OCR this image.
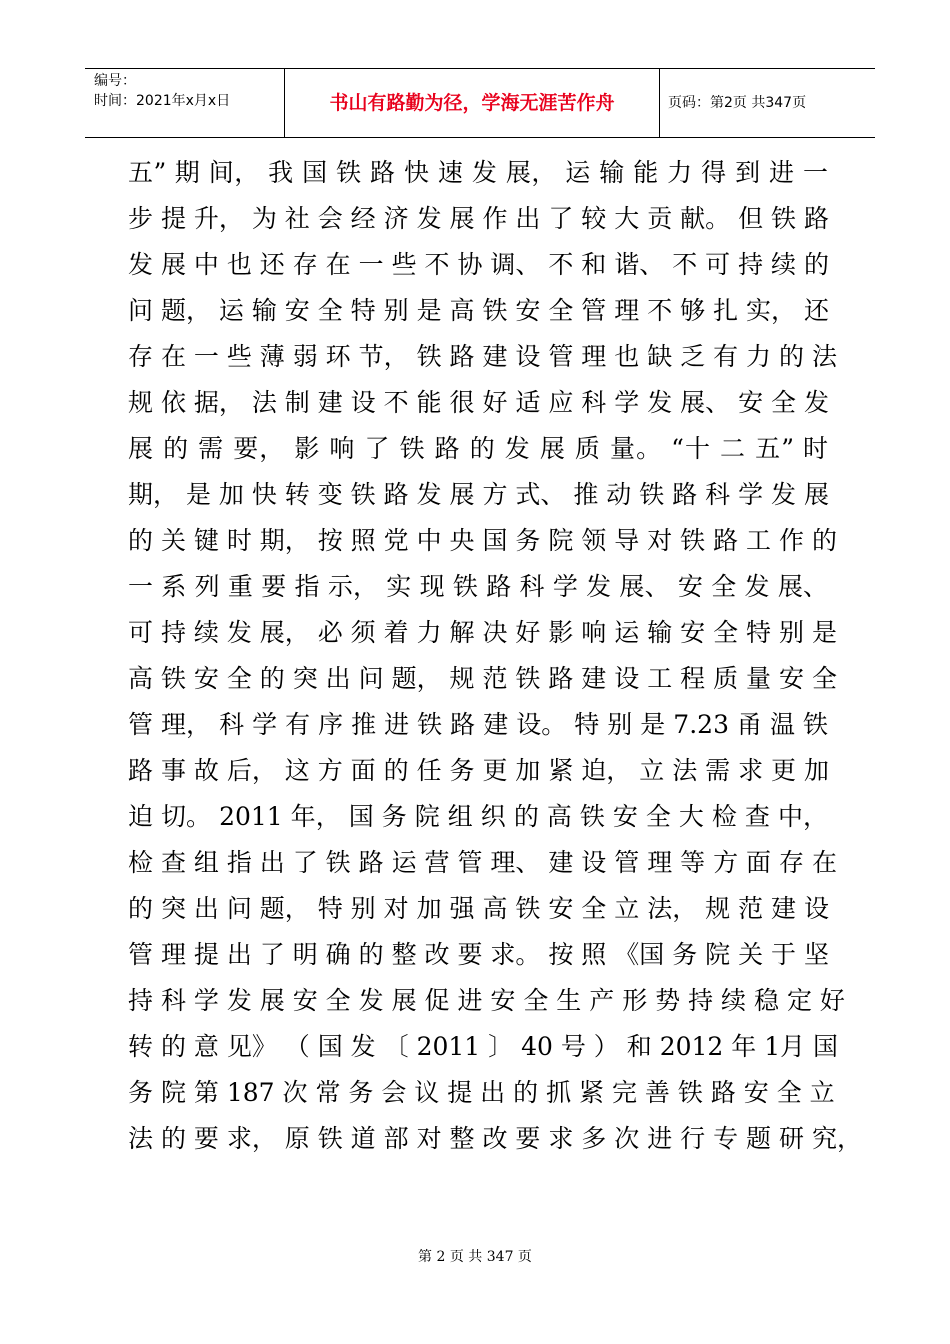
编号：
时间：2021年x月x日	书山有路勤为径，学海无涯苦作舟	页码：第2页 共347页
五” 期 间， 我 国 铁 路 快 速 发 展， 运 输 能 力 得 到 进 一
步 提 升， 为 社 会 经 济 发 展 作 出 了 较 大 贡 献。 但 铁 路
发 展 中 也 还 存 在 一 些 不 协 调、 不 和 谐、 不 可 持 续 的
问 题， 运 输 安 全 特 别 是 高 铁 安 全 管 理 不 够 扎 实， 还
存 在 一 些 薄 弱 环 节， 铁 路 建 设 管 理 也 缺 乏 有 力 的 法
规 依 据， 法 制 建 设 不 能 很 好 适 应 科 学 发 展、 安 全 发
展 的 需 要， 影 响 了 铁 路 的 发 展 质 量。 “十 二 五” 时
期， 是 加 快 转 变 铁 路 发 展 方 式、 推 动 铁 路 科 学 发 展
的 关 键 时 期， 按 照 党 中 央 国 务 院 领 导 对 铁 路 工 作 的
一 系 列 重 要 指 示， 实 现 铁 路 科 学 发 展、 安 全 发 展、
可 持 续 发 展， 必 须 着 力 解 决 好 影 响 运 输 安 全 特 别 是
高 铁 安 全 的 突 出 问 题， 规 范 铁 路 建 设 工 程 质 量 安 全
管 理， 科 学 有 序 推 进 铁 路 建 设。 特 别 是 7.23 甬 温 铁
路 事 故 后， 这 方 面 的 任 务 更 加 紧 迫， 立 法 需 求 更 加
迫 切。 2011 年， 国 务 院 组 织 的 高 铁 安 全 大 检 查 中，
检 查 组 指 出 了 铁 路 运 营 管 理、 建 设 管 理 等 方 面 存 在
的 突 出 问 题， 特 别 对 加 强 高 铁 安 全 立 法， 规 范 建 设
管 理 提 出 了 明 确 的 整 改 要 求。 按 照 《国 务 院 关 于 坚
持 科 学 发 展 安 全 发 展 促 进 安 全 生 产 形 势 持 续 稳 定 好
转 的 意 见》 （ 国 发 〔 2011 〕 40 号 ） 和 2012 年 1月 国
务 院 第 187 次 常 务 会 议 提 出 的 抓 紧 完 善 铁 路 安 全 立
法 的 要 求， 原 铁 道 部 对 整 改 要 求 多 次 进 行 专 题 研 究，
第 2 页 共 347 页
